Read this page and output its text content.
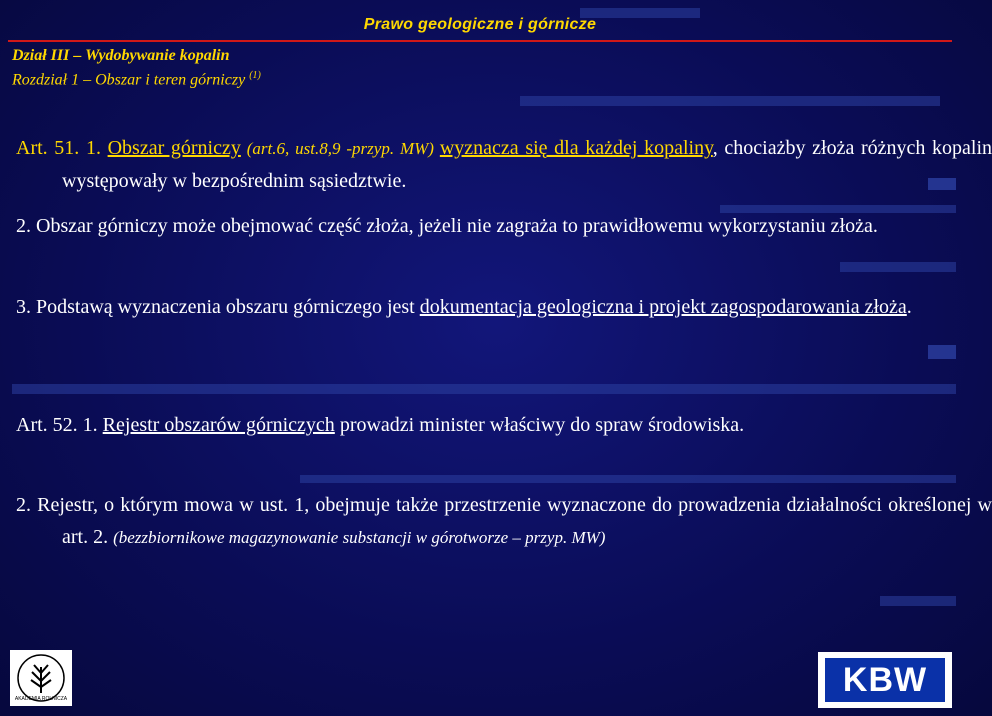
Prawo geologiczne i górnicze
Dział III – Wydobywanie kopalin
Rozdział 1 – Obszar i teren górniczy $^{(1)}$
Art. 51. 1. Obszar górniczy (art.6, ust.8,9 -przyp. MW) wyznacza się dla każdej kopaliny, chociażby złoża różnych kopalin występowały w bezpośrednim sąsiedztwie.
2. Obszar górniczy może obejmować część złoża, jeżeli nie zagraża to prawidłowemu wykorzystaniu złoża.
3. Podstawą wyznaczenia obszaru górniczego jest dokumentacja geologiczna i projekt zagospodarowania złoża.
Art. 52. 1. Rejestr obszarów górniczych prowadzi minister właściwy do spraw środowiska.
2. Rejestr, o którym mowa w ust. 1, obejmuje także przestrzenie wyznaczone do prowadzenia działalności określonej w art. 2. (bezzbiornikowe magazynowanie substancji w górotworze – przyp. MW)
AKADEMIA ROLNICZA
KBW
